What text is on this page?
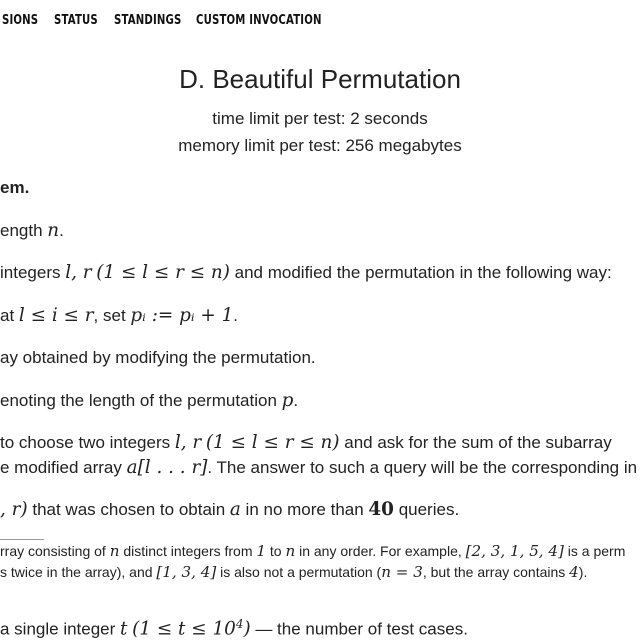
SIONS STATUS STANDINGS CUSTOM INVOCATION
D. Beautiful Permutation
time limit per test: 2 seconds
memory limit per test: 256 megabytes
em.
ength n.
integers l, r (1 ≤ l ≤ r ≤ n) and modified the permutation in the following way:
at l ≤ i ≤ r, set pᵢ := pᵢ + 1.
ay obtained by modifying the permutation.
enoting the length of the permutation p.
to choose two integers l, r (1 ≤ l ≤ r ≤ n) and ask for the sum of the subarray
e modified array a[l . . . r]. The answer to such a query will be the corresponding in
, r) that was chosen to obtain a in no more than 40 queries.
rray consisting of n distinct integers from 1 to n in any order. For example, [2, 3, 1, 5, 4] is a perm
s twice in the array), and [1, 3, 4] is also not a permutation (n = 3, but the array contains 4).
a single integer t $(1 \le t \le 10^4)$ — the number of test cases.
